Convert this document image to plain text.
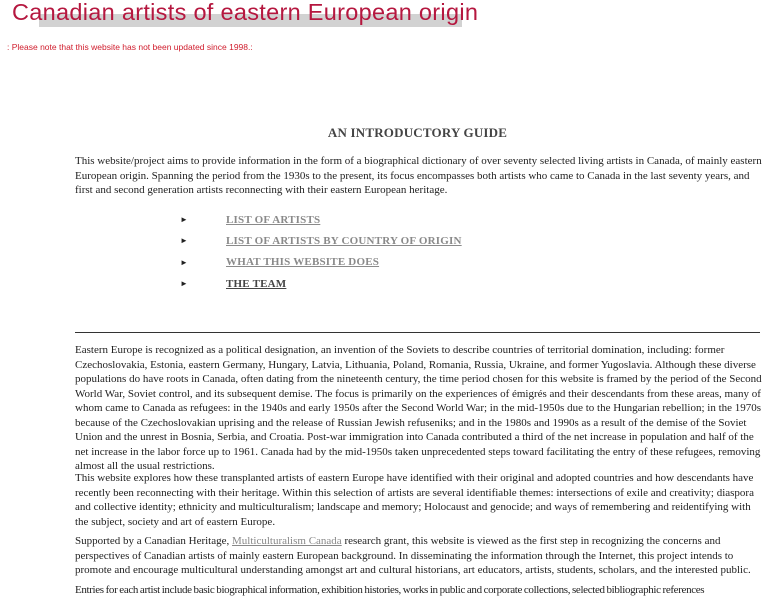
Canadian artists of eastern European origin
: Please note that this website has not been updated since 1998.:
AN INTRODUCTORY GUIDE
This website/project aims to provide information in the form of a biographical dictionary of over seventy selected living artists in Canada, of mainly eastern European origin. Spanning the period from the 1930s to the present, its focus encompasses both artists who came to Canada in the last seventy years, and first and second generation artists reconnecting with their eastern European heritage.
►	LIST OF ARTISTS
►	LIST OF ARTISTS BY COUNTRY OF ORIGIN
►	WHAT THIS WEBSITE DOES
►	THE TEAM
Eastern Europe is recognized as a political designation, an invention of the Soviets to describe countries of territorial domination, including: former Czechoslovakia, Estonia, eastern Germany, Hungary, Latvia, Lithuania, Poland, Romania, Russia, Ukraine, and former Yugoslavia. Although these diverse populations do have roots in Canada, often dating from the nineteenth century, the time period chosen for this website is framed by the period of the Second World War, Soviet control, and its subsequent demise. The focus is primarily on the experiences of émigrés and their descendants from these areas, many of whom came to Canada as refugees: in the 1940s and early 1950s after the Second World War; in the mid-1950s due to the Hungarian rebellion; in the 1970s because of the Czechoslovakian uprising and the release of Russian Jewish refuseniks; and in the 1980s and 1990s as a result of the demise of the Soviet Union and the unrest in Bosnia, Serbia, and Croatia. Post-war immigration into Canada contributed a third of the net increase in population and half of the net increase in the labor force up to 1961. Canada had by the mid-1950s taken unprecedented steps toward facilitating the entry of these refugees, removing almost all the usual restrictions.
This website explores how these transplanted artists of eastern Europe have identified with their original and adopted countries and how descendants have recently been reconnecting with their heritage. Within this selection of artists are several identifiable themes: intersections of exile and creativity; diaspora and collective identity; ethnicity and multiculturalism; landscape and memory; Holocaust and genocide; and ways of remembering and reidentifying with the subject, society and art of eastern Europe.
Supported by a Canadian Heritage, Multiculturalism Canada research grant, this website is viewed as the first step in recognizing the concerns and perspectives of Canadian artists of mainly eastern European background. In disseminating the information through the Internet, this project intends to promote and encourage multicultural understanding amongst art and cultural historians, art educators, artists, students, scholars, and the interested public.
Entries for each artist include basic biographical information, exhibition histories, works in public and corporate collections, selected bibliographic references
